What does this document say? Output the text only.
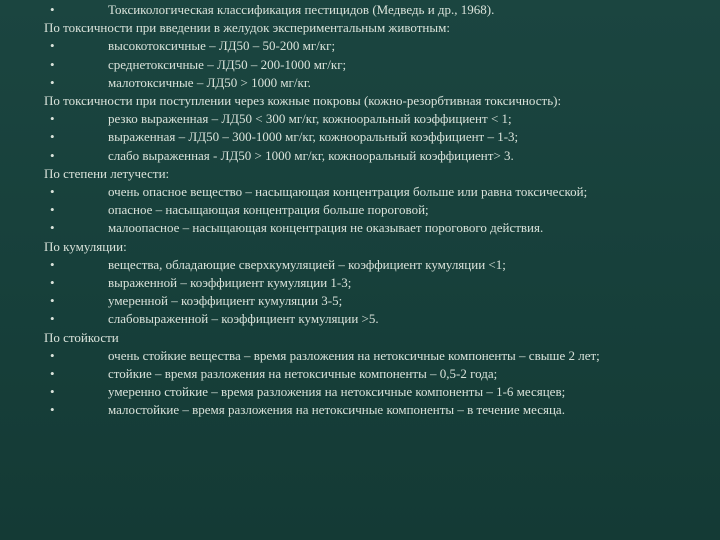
•	Токсикологическая классификация пестицидов (Медведь и др., 1968).
По токсичности при введении в желудок экспериментальным животным:
•	высокотоксичные – ЛД50 – 50-200 мг/кг;
•	среднетоксичные – ЛД50 – 200-1000 мг/кг;
•	малотоксичные – ЛД50 > 1000 мг/кг.
По токсичности при поступлении через кожные покровы (кожно-резорбтивная токсичность):
•	резко выраженная – ЛД50 < 300 мг/кг, кожноорaльный коэффициент < 1;
•	выраженная – ЛД50 – 300-1000 мг/кг, кожноорaльный коэффициент – 1-3;
•	слабо выраженная - ЛД50 > 1000 мг/кг, кожноорaльный коэффициент> 3.
По степени летучести:
•	очень опасное вещество – насыщающая концентрация больше или равна токсической;
•	опасное – насыщающая концентрация больше пороговой;
•	малоопасное – насыщающая концентрация не оказывает порогового действия.
По кумуляции:
•	вещества, обладающие сверхкумуляцией – коэффициент кумуляции <1;
•	выраженной – коэффициент кумуляции 1-3;
•	умеренной – коэффициент кумуляции 3-5;
•	слабовыраженной – коэффициент кумуляции >5.
По стойкости
•	очень стойкие вещества – время разложения на нетоксичные компоненты – свыше 2 лет;
•	стойкие – время разложения на нетоксичные компоненты – 0,5-2 года;
•	умеренно стойкие – время разложения на нетоксичные компоненты – 1-6 месяцев;
•	малостойкие – время разложения на нетоксичные компоненты – в течение месяца.
